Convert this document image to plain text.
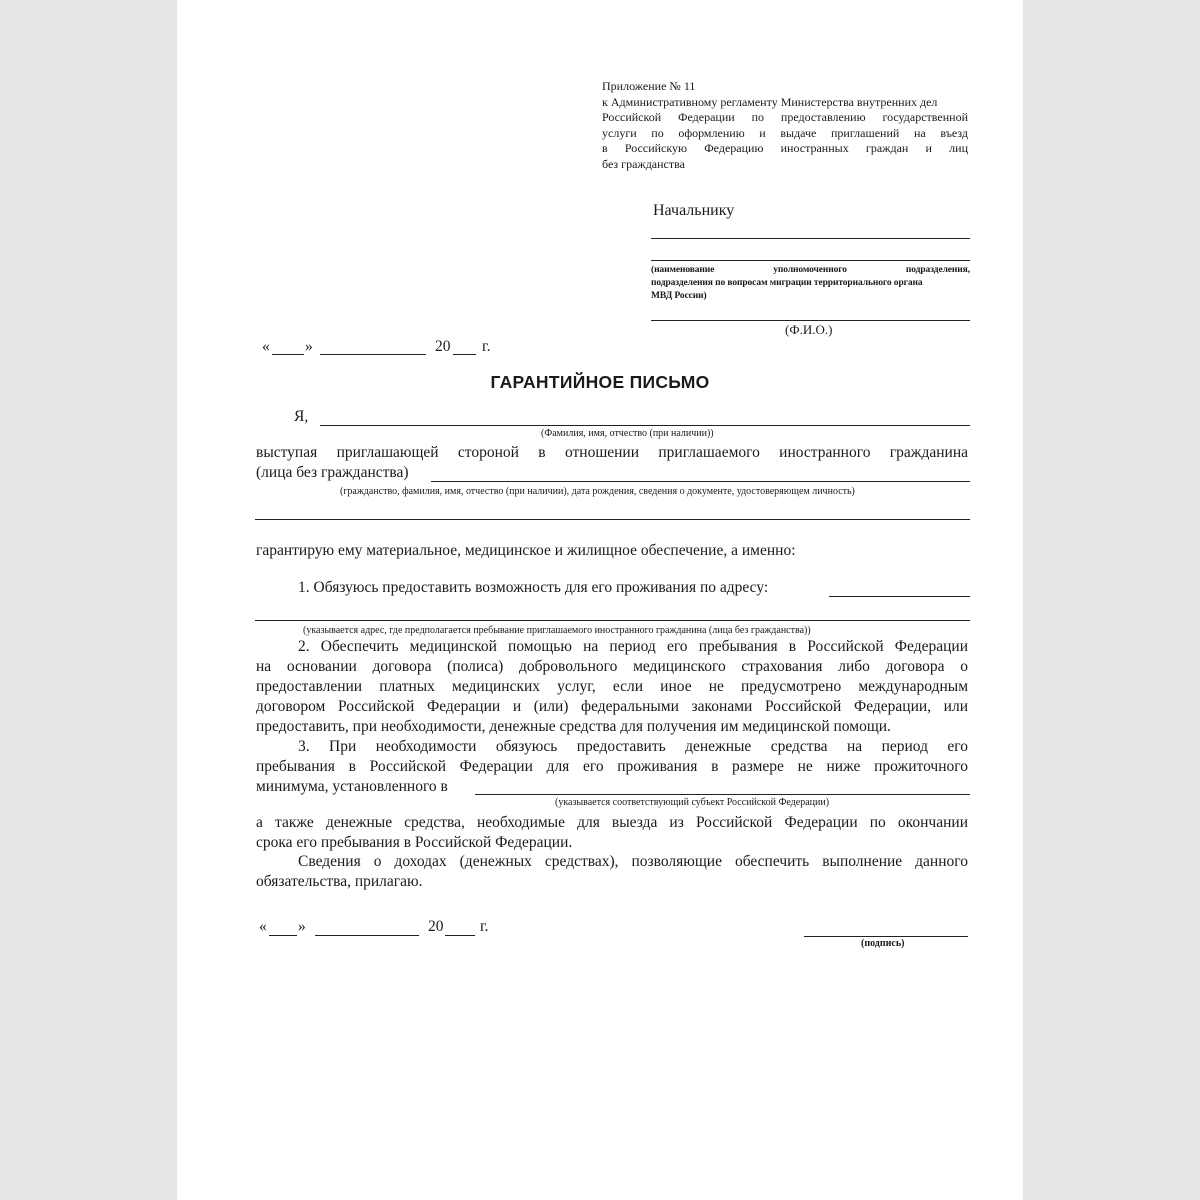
Приложение № 11
к Административному регламенту Министерства внутренних дел
Российской Федерации по предоставлению государственной
услуги по оформлению и выдаче приглашений на въезд
в Российскую Федерацию иностранных граждан и лиц
без гражданства
Начальнику
(наименование уполномоченного подразделения,
подразделения по вопросам миграции территориального органа
МВД России)
(Ф.И.О.)
« »	20 г.
ГАРАНТИЙНОЕ ПИСЬМО
Я,
(Фамилия, имя, отчество (при наличии))
выступая приглашающей стороной в отношении приглашаемого иностранного гражданина
(лица без гражданства)
(гражданство, фамилия, имя, отчество (при наличии), дата рождения, сведения о документе, удостоверяющем личность)
гарантирую ему материальное, медицинское и жилищное обеспечение, а именно:
1. Обязуюсь предоставить возможность для его проживания по адресу:
(указывается адрес, где предполагается пребывание приглашаемого иностранного гражданина (лица без гражданства))
2. Обеспечить медицинской помощью на период его пребывания в Российской Федерации
на основании договора (полиса) добровольного медицинского страхования либо договора о
предоставлении платных медицинских услуг, если иное не предусмотрено международным
договором Российской Федерации и (или) федеральными законами Российской Федерации, или
предоставить, при необходимости, денежные средства для получения им медицинской помощи.
3. При необходимости обязуюсь предоставить денежные средства на период его
пребывания в Российской Федерации для его проживания в размере не ниже прожиточного
минимума, установленного в
(указывается соответствующий субъект Российской Федерации)
а также денежные средства, необходимые для выезда из Российской Федерации по окончании
срока его пребывания в Российской Федерации.
Сведения о доходах (денежных средствах), позволяющие обеспечить выполнение данного
обязательства, прилагаю.
« »	20 г.
(подпись)
